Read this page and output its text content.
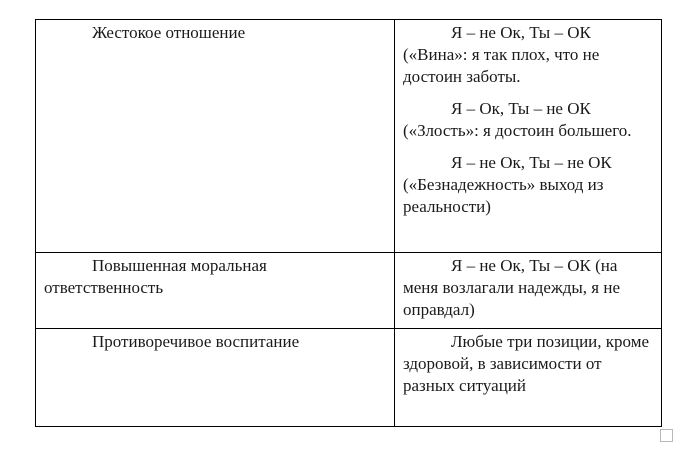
Жестокое отношение	Я – не Ок, Ты – ОК («Вина»: я так плох, что не достоин заботы.

Я – Ок, Ты – не ОК («Злость»: я достоин большего.

Я – не Ок, Ты – не ОК («Безнадежность» выход из реальности)

Повышенная моральная ответственность	Я – не Ок, Ты – ОК (на меня возлагали надежды, я не оправдал)

Противоречивое воспитание	Любые три позиции, кроме здоровой, в зависимости от разных ситуаций
